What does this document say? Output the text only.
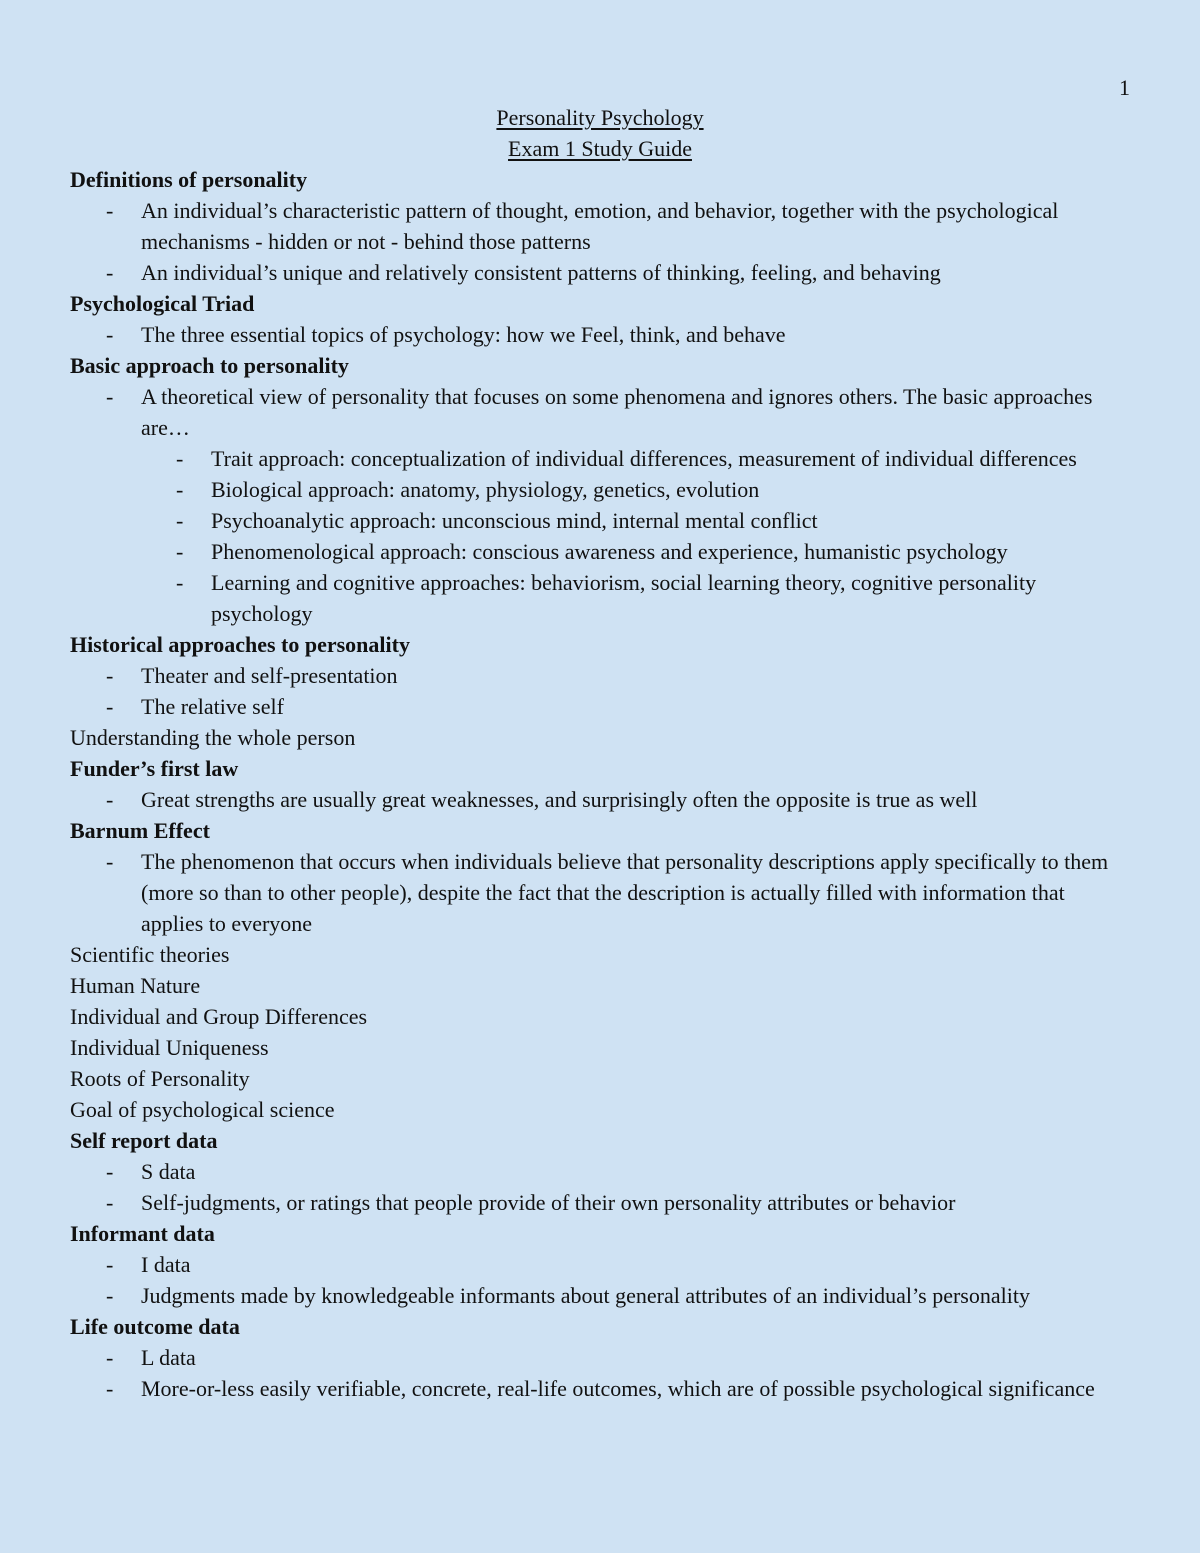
1
Personality Psychology
Exam 1 Study Guide
Definitions of personality
- An individual’s characteristic pattern of thought, emotion, and behavior, together with the psychological mechanisms - hidden or not - behind those patterns
- An individual’s unique and relatively consistent patterns of thinking, feeling, and behaving
Psychological Triad
- The three essential topics of psychology: how we Feel, think, and behave
Basic approach to personality
- A theoretical view of personality that focuses on some phenomena and ignores others. The basic approaches are…
- Trait approach: conceptualization of individual differences, measurement of individual differences
- Biological approach: anatomy, physiology, genetics, evolution
- Psychoanalytic approach: unconscious mind, internal mental conflict
- Phenomenological approach: conscious awareness and experience, humanistic psychology
- Learning and cognitive approaches: behaviorism, social learning theory, cognitive personality psychology
Historical approaches to personality
- Theater and self-presentation
- The relative self
Understanding the whole person
Funder’s first law
- Great strengths are usually great weaknesses, and surprisingly often the opposite is true as well
Barnum Effect
- The phenomenon that occurs when individuals believe that personality descriptions apply specifically to them (more so than to other people), despite the fact that the description is actually filled with information that applies to everyone
Scientific theories
Human Nature
Individual and Group Differences
Individual Uniqueness
Roots of Personality
Goal of psychological science
Self report data
- S data
- Self-judgments, or ratings that people provide of their own personality attributes or behavior
Informant data
- I data
- Judgments made by knowledgeable informants about general attributes of an individual’s personality
Life outcome data
- L data
- More-or-less easily verifiable, concrete, real-life outcomes, which are of possible psychological significance
